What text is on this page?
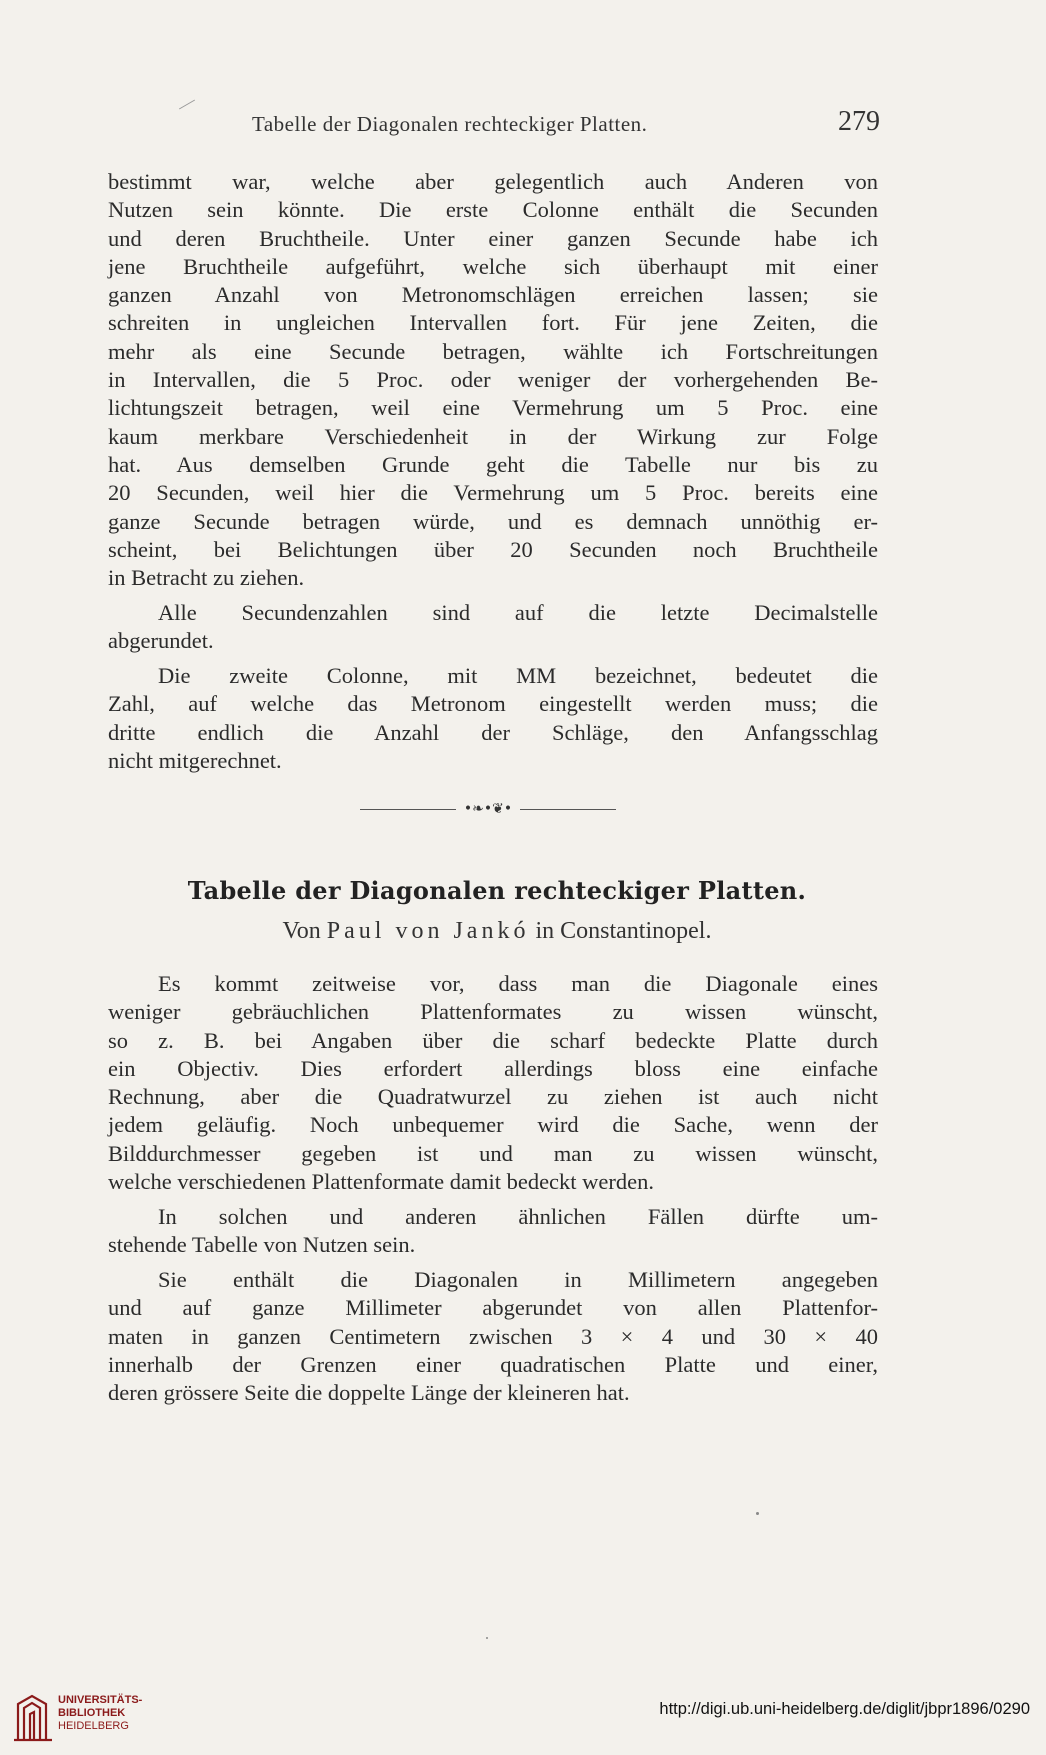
Tabelle der Diagonalen rechteckiger Platten.	279

bestimmt war, welche aber gelegentlich auch Anderen von
Nutzen sein könnte. Die erste Colonne enthält die Secunden
und deren Bruchtheile. Unter einer ganzen Secunde habe ich
jene Bruchtheile aufgeführt, welche sich überhaupt mit einer
ganzen Anzahl von Metronomschlägen erreichen lassen; sie
schreiten in ungleichen Intervallen fort. Für jene Zeiten, die
mehr als eine Secunde betragen, wählte ich Fortschreitungen
in Intervallen, die 5 Proc. oder weniger der vorhergehenden Be-
lichtungszeit betragen, weil eine Vermehrung um 5 Proc. eine
kaum merkbare Verschiedenheit in der Wirkung zur Folge
hat. Aus demselben Grunde geht die Tabelle nur bis zu
20 Secunden, weil hier die Vermehrung um 5 Proc. bereits eine
ganze Secunde betragen würde, und es demnach unnöthig er-
scheint, bei Belichtungen über 20 Secunden noch Bruchtheile
in Betracht zu ziehen.

Alle Secundenzahlen sind auf die letzte Decimalstelle
abgerundet.

Die zweite Colonne, mit MM bezeichnet, bedeutet die
Zahl, auf welche das Metronom eingestellt werden muss; die
dritte endlich die Anzahl der Schläge, den Anfangsschlag
nicht mitgerechnet.

•❧•❦•
Tabelle der Diagonalen rechteckiger Platten.
Von Paul von Jankó in Constantinopel.

Es kommt zeitweise vor, dass man die Diagonale eines
weniger gebräuchlichen Plattenformates zu wissen wünscht,
so z. B. bei Angaben über die scharf bedeckte Platte durch
ein Objectiv. Dies erfordert allerdings bloss eine einfache
Rechnung, aber die Quadratwurzel zu ziehen ist auch nicht
jedem geläufig. Noch unbequemer wird die Sache, wenn der
Bilddurchmesser gegeben ist und man zu wissen wünscht,
welche verschiedenen Plattenformate damit bedeckt werden.

In solchen und anderen ähnlichen Fällen dürfte um-
stehende Tabelle von Nutzen sein.

Sie enthält die Diagonalen in Millimetern angegeben
und auf ganze Millimeter abgerundet von allen Plattenfor-
maten in ganzen Centimetern zwischen 3 × 4 und 30 × 40
innerhalb der Grenzen einer quadratischen Platte und einer,
deren grössere Seite die doppelte Länge der kleineren hat.

UNIVERSITÄTS-
BIBLIOTHEK
HEIDELBERG
http://digi.ub.uni-heidelberg.de/diglit/jbpr1896/0290
